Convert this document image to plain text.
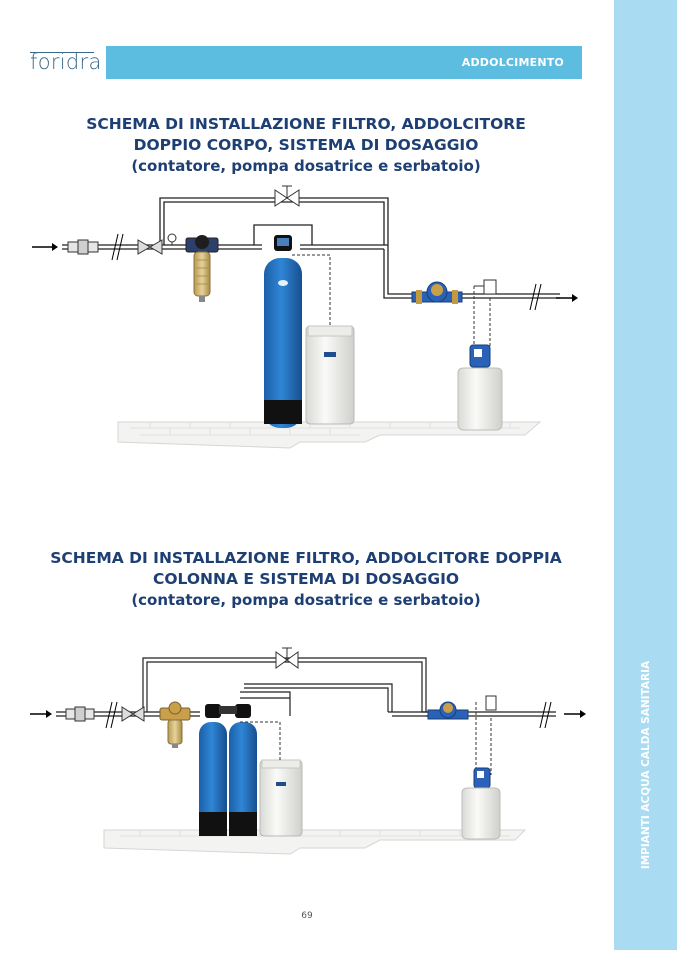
foridra	ADDOLCIMENTO
IMPIANTI ACQUA CALDA SANITARIA
SCHEMA DI INSTALLAZIONE FILTRO, ADDOLCITORE
DOPPIO CORPO, SISTEMA DI DOSAGGIO
(contatore, pompa dosatrice e serbatoio)
SCHEMA DI INSTALLAZIONE FILTRO, ADDOLCITORE DOPPIA
COLONNA E SISTEMA DI DOSAGGIO
(contatore, pompa dosatrice e serbatoio)
69
